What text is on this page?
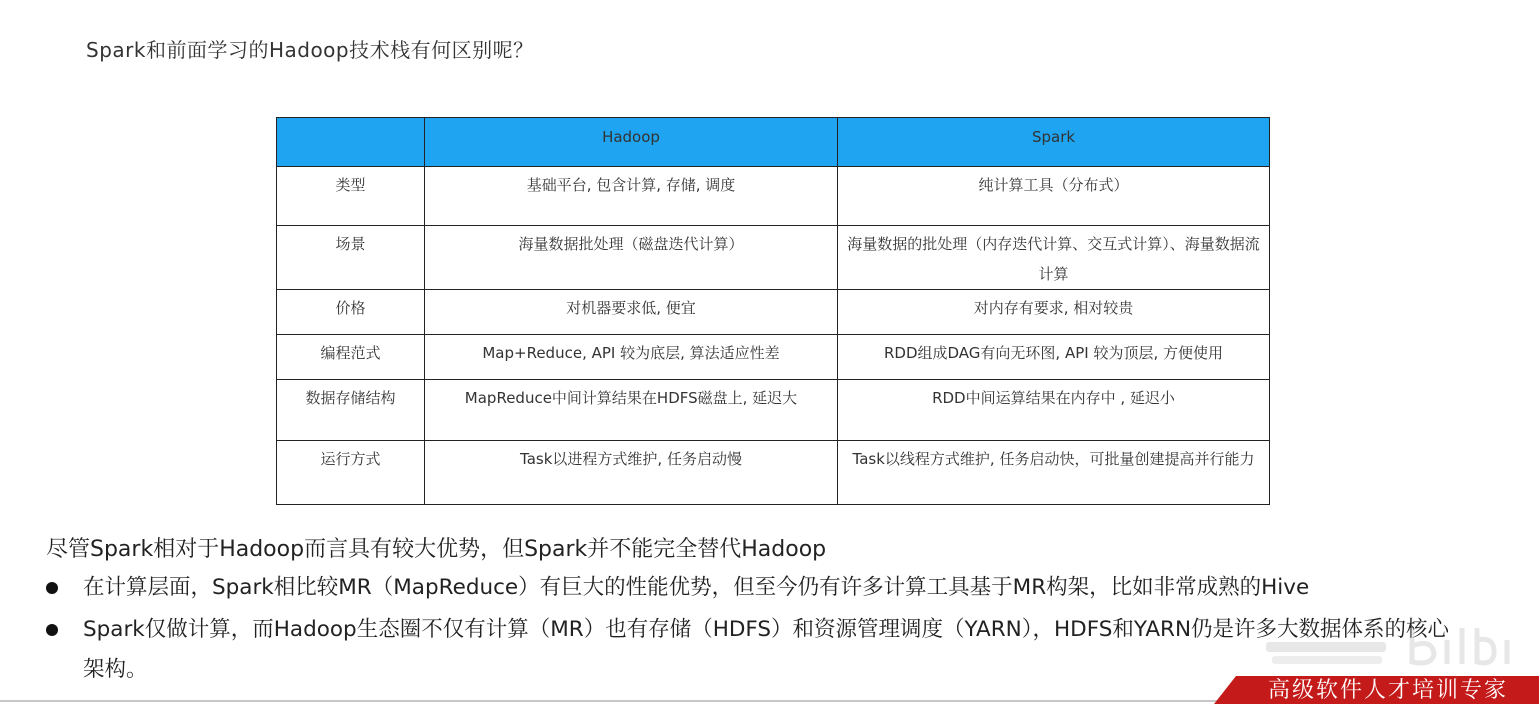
Spark和前面学习的Hadoop技术栈有何区别呢？
	Hadoop	Spark
类型	基础平台, 包含计算, 存储, 调度	纯计算工具（分布式）
场景	海量数据批处理（磁盘迭代计算）	海量数据的批处理（内存迭代计算、交互式计算）、海量数据流计算
价格	对机器要求低, 便宜	对内存有要求, 相对较贵
编程范式	Map+Reduce, API 较为底层, 算法适应性差	RDD组成DAG有向无环图, API 较为顶层, 方便使用
数据存储结构	MapReduce中间计算结果在HDFS磁盘上, 延迟大	RDD中间运算结果在内存中 , 延迟小
运行方式	Task以进程方式维护, 任务启动慢	Task以线程方式维护, 任务启动快，可批量创建提高并行能力
尽管Spark相对于Hadoop而言具有较大优势，但Spark并不能完全替代Hadoop
在计算层面，Spark相比较MR（MapReduce）有巨大的性能优势，但至今仍有许多计算工具基于MR构架，比如非常成熟的Hive
Spark仅做计算，而Hadoop生态圈不仅有计算（MR）也有存储（HDFS）和资源管理调度（YARN），HDFS和YARN仍是许多大数据体系的核心架构。
高级软件人才培训专家
